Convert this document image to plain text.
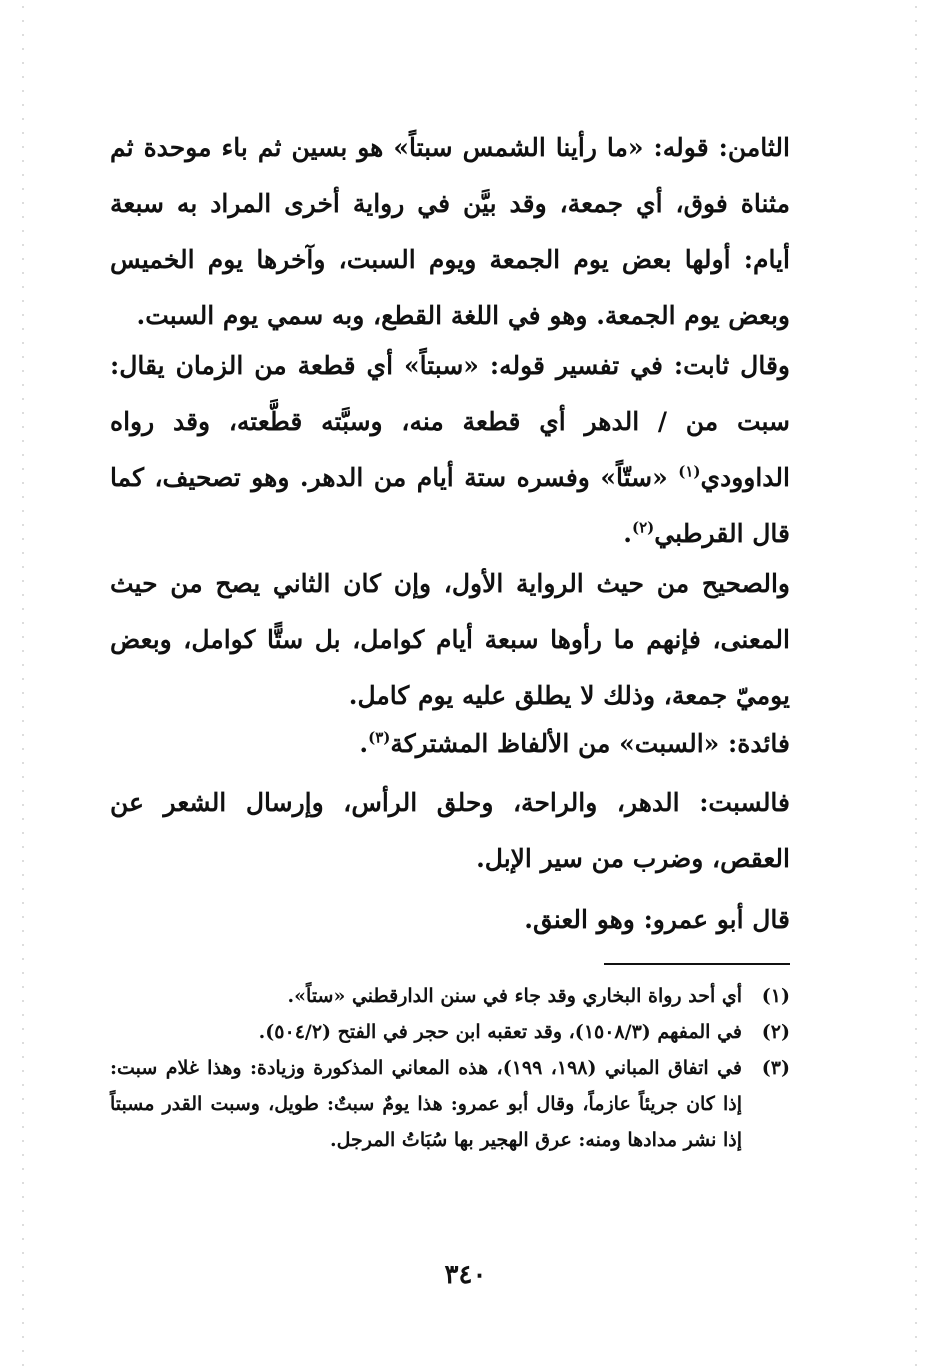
الثامن: قوله: «ما رأينا الشمس سبتاً» هو بسين ثم باء موحدة ثم مثناة فوق، أي جمعة، وقد بيَّن في رواية أخرى المراد به سبعة أيام: أولها بعض يوم الجمعة ويوم السبت، وآخرها يوم الخميس وبعض يوم الجمعة. وهو في اللغة القطع، وبه سمي يوم السبت.

وقال ثابت: في تفسير قوله: «سبتاً» أي قطعة من الزمان يقال: سبت من / الدهر أي قطعة منه، وسبَّته قطَّعته، وقد رواه الداوودي$^{(١)}$ «ستّاً» وفسره ستة أيام من الدهر. وهو تصحيف، كما قال القرطبي$^{(٢)}$.

والصحيح من حيث الرواية الأول، وإن كان الثاني يصح من حيث المعنى، فإنهم ما رأوها سبعة أيام كوامل، بل ستًّا كوامل، وبعض يوميّ جمعة، وذلك لا يطلق عليه يوم كامل.

فائدة: «السبت» من الألفاظ المشتركة$^{(٣)}$.

فالسبت: الدهر، والراحة، وحلق الرأس، وإرسال الشعر عن العقص، وضرب من سير الإبل.

قال أبو عمرو: وهو العنق.

(١)
أي أحد رواة البخاري وقد جاء في سنن الدارقطني «ستاً».
(٢)
في المفهم (١٥٠٨/٣)، وقد تعقبه ابن حجر في الفتح (٥٠٤/٢).
(٣)
في اتفاق المباني (١٩٨، ١٩٩)، هذه المعاني المذكورة وزيادة: وهذا غلام سبت: إذا كان جريئاً عازماً، وقال أبو عمرو: هذا يومٌ سبتٌ: طويل، وسبت القدر مسبتاً إذا نشر مدادها ومنه: عرق الهجير بها سُبَاتُ المرجل.
٣٤٠
